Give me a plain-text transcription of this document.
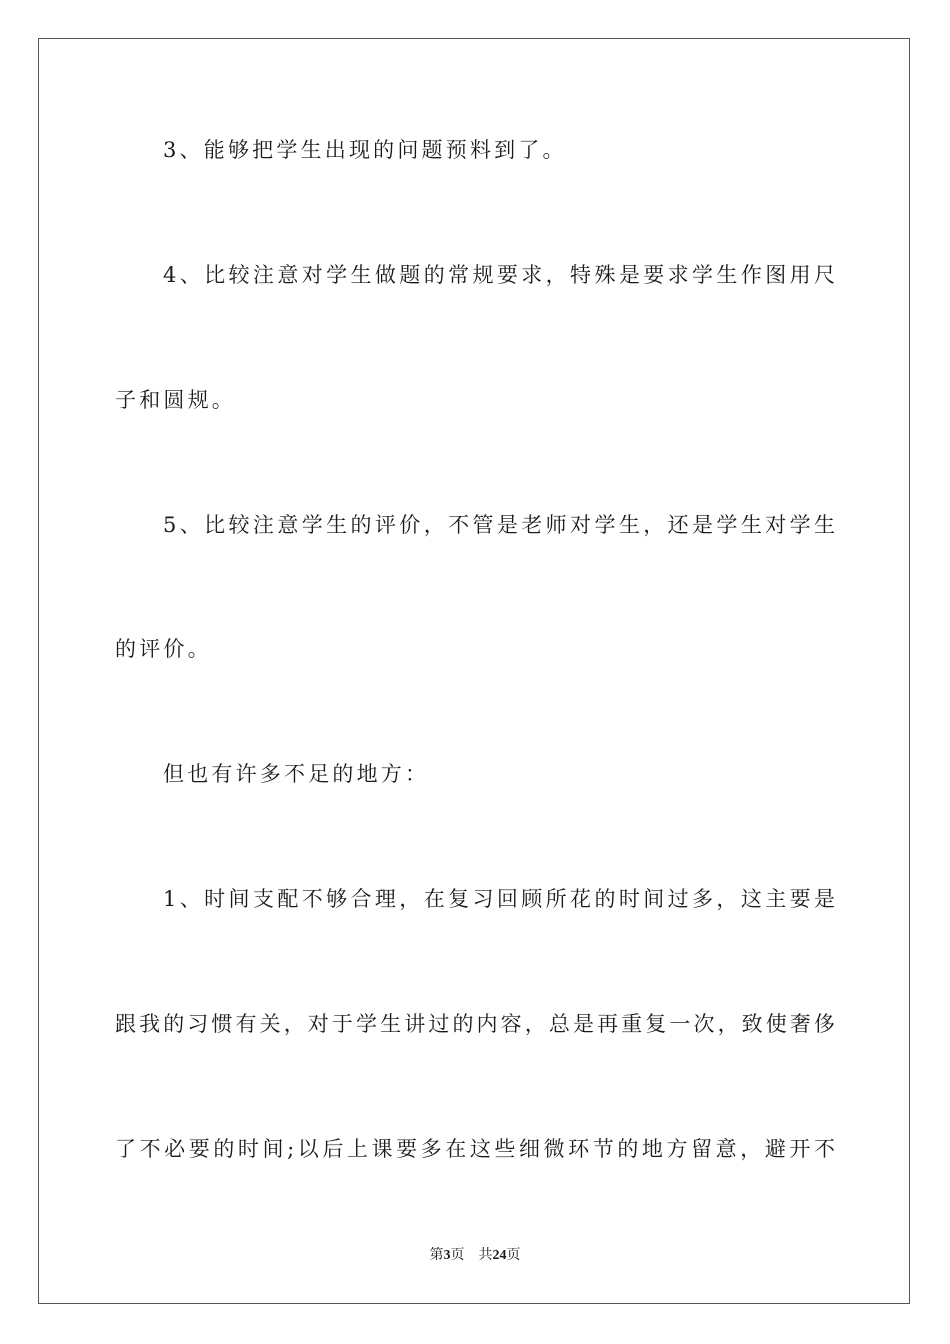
3、能够把学生出现的问题预料到了。

4、比较注意对学生做题的常规要求，特殊是要求学生作图用尺

子和圆规。

5、比较注意学生的评价，不管是老师对学生，还是学生对学生

的评价。

但也有许多不足的地方：

1、时间支配不够合理，在复习回顾所花的时间过多，这主要是

跟我的习惯有关，对于学生讲过的内容，总是再重复一次，致使奢侈

了不必要的时间;以后上课要多在这些细微环节的地方留意，避开不

第3页 共24页
